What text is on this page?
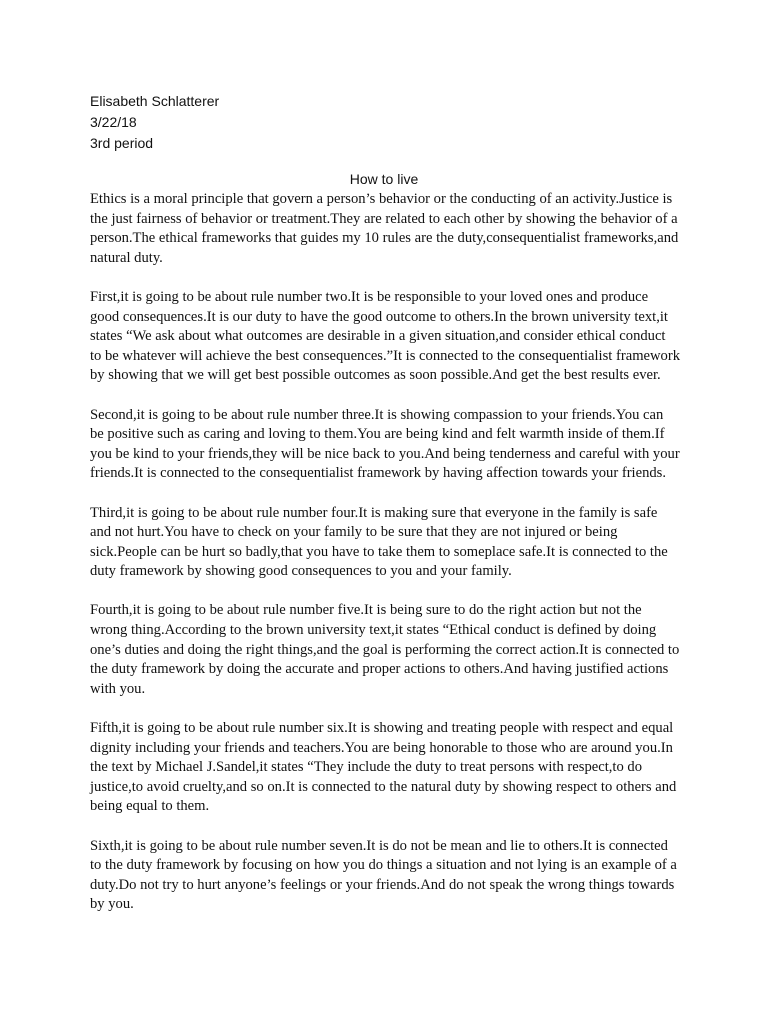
Elisabeth Schlatterer
3/22/18
3rd period
How to live

Ethics is a moral principle that govern a person’s behavior or the conducting of an activity.Justice is the just fairness of behavior or treatment.They are related to each other by showing the behavior of a person.The ethical frameworks that guides my 10 rules are the duty,consequentialist frameworks,and natural duty.

First,it is going to be about rule number two.It is be responsible to your loved ones and produce good consequences.It is our duty to have the good outcome to others.In the brown university text,it states “We ask about what outcomes are desirable in a given situation,and consider ethical conduct to be whatever will achieve the best consequences.”It is connected to the consequentialist framework by showing that we will get best possible outcomes as soon possible.And get the best results ever.

Second,it is going to be about rule number three.It is showing compassion to your friends.You can be positive such as caring and loving to them.You are being kind and felt warmth inside of them.If you be kind to your friends,they will be nice back to you.And being tenderness and careful with your friends.It is connected to the consequentialist framework by having affection towards your friends.

Third,it is going to be about rule number four.It is making sure that everyone in the family is safe and not hurt.You have to check on your family to be sure that they are not injured or being sick.People can be hurt so badly,that you have to take them to someplace safe.It is connected to the duty framework by showing good consequences to you and your family.

Fourth,it is going to be about rule number five.It is being sure to do the right action but not the wrong thing.According to the brown university text,it states “Ethical conduct is defined by doing one’s duties and doing the right things,and the goal is performing the correct action.It is connected to the duty framework by doing the accurate and proper actions to others.And having justified actions with you.

Fifth,it is going to be about rule number six.It is showing and treating people with respect and equal dignity including your friends and teachers.You are being honorable to those who are around you.In the text by Michael J.Sandel,it states “They include the duty to treat persons with respect,to do justice,to avoid cruelty,and so on.It is connected to the natural duty by showing respect to others and being equal to them.

Sixth,it is going to be about rule number seven.It is do not be mean and lie to others.It is connected to the duty framework by focusing on how you do things a situation and not lying is an example of a duty.Do not try to hurt anyone’s feelings or your friends.And do not speak the wrong things towards by you.
